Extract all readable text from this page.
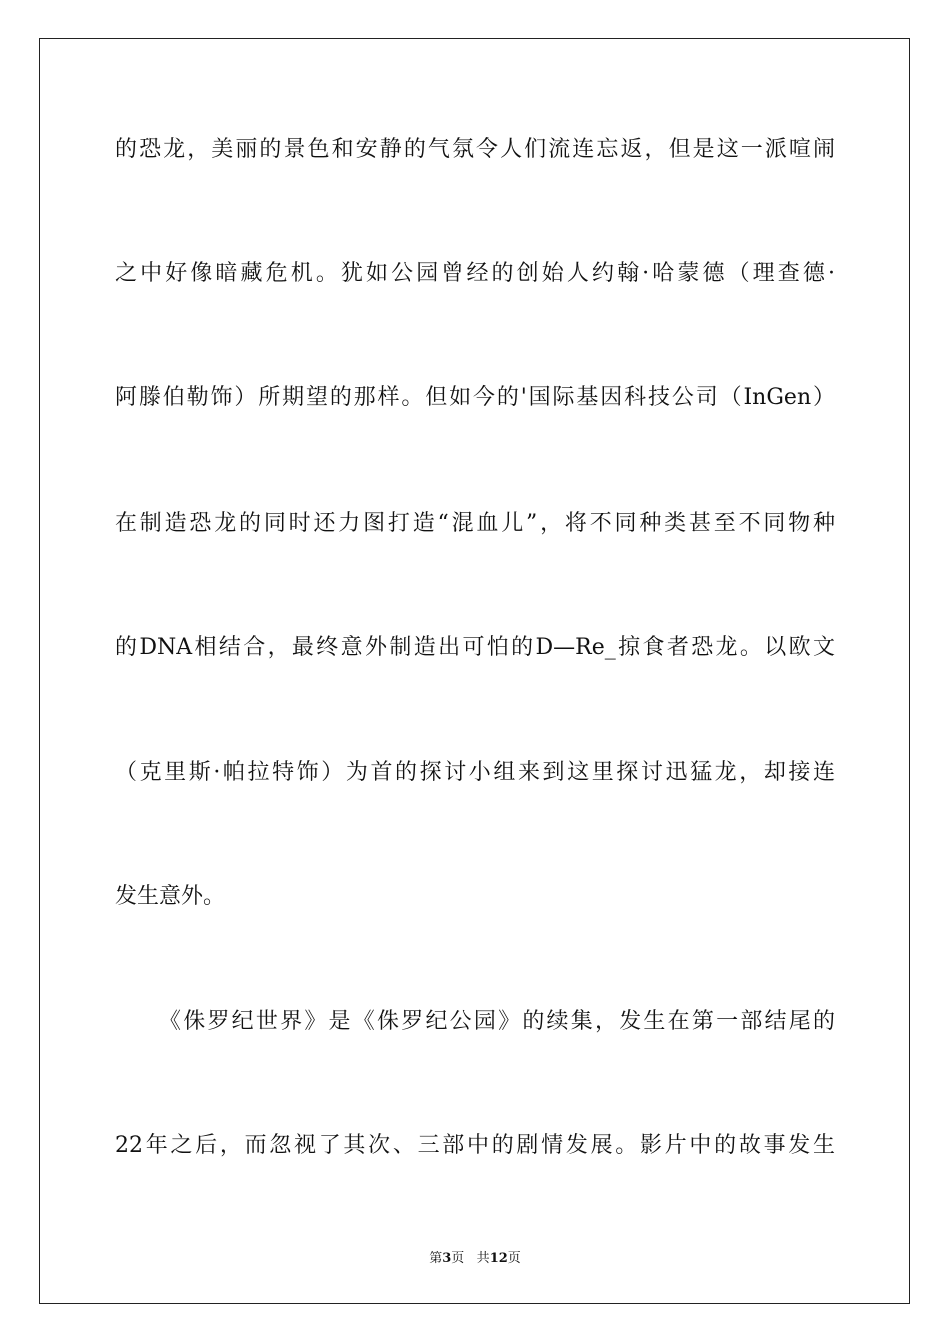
的恐龙，美丽的景色和安静的气氛令人们流连忘返，但是这一派喧闹
之中好像暗藏危机。犹如公园曾经的创始人约翰·哈蒙德（理查德·
阿滕伯勒饰）所期望的那样。但如今的'国际基因科技公司（InGen）
在制造恐龙的同时还力图打造“混血儿”，将不同种类甚至不同物种
的DNA相结合，最终意外制造出可怕的D—Re_掠食者恐龙。以欧文
（克里斯·帕拉特饰）为首的探讨小组来到这里探讨迅猛龙，却接连
发生意外。
《侏罗纪世界》是《侏罗纪公园》的续集，发生在第一部结尾的
22年之后，而忽视了其次、三部中的剧情发展。影片中的故事发生
第3页 共12页
